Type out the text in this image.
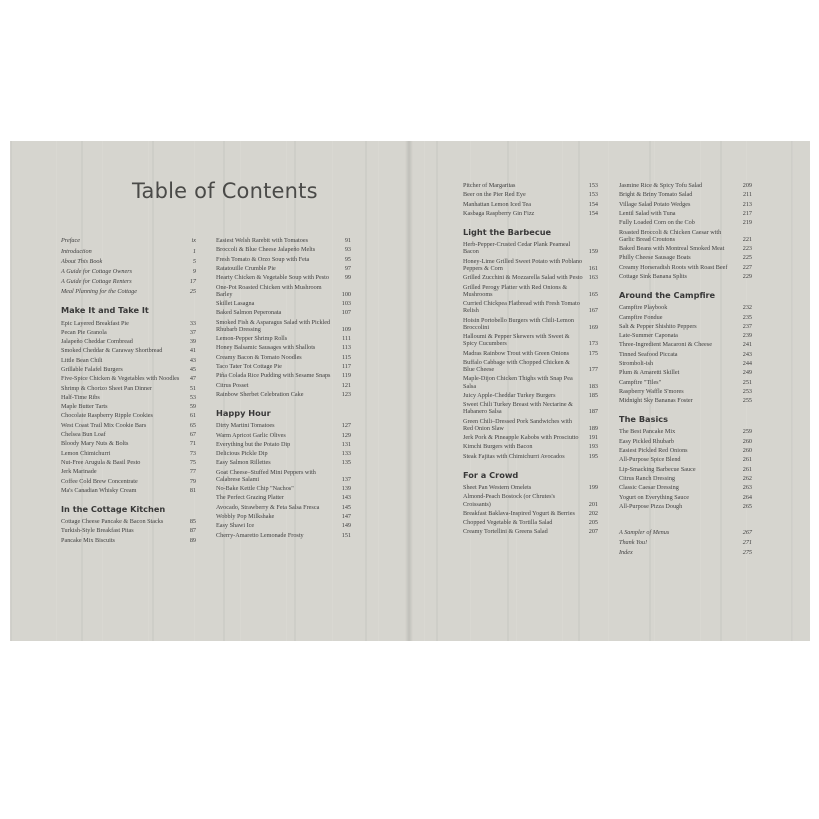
Table of Contents
Preface	ix
Introduction	1
About This Book	5
A Guide for Cottage Owners	9
A Guide for Cottage Renters	17
Meal Planning for the Cottage	25
Make It and Take It
Epic Layered Breakfast Pie	33
Pecan Pie Granola	37
Jalapeño Cheddar Cornbread	39
Smoked Cheddar & Caraway Shortbread	41
Little Bean Chili	43
Grillable Falafel Burgers	45
Five-Spice Chicken & Vegetables with Noodles	47
Shrimp & Chorizo Sheet Pan Dinner	51
Half-Time Ribs	53
Maple Butter Tarts	59
Chocolate Raspberry Ripple Cookies	61
West Coast Trail Mix Cookie Bars	65
Chelsea Bun Loaf	67
Bloody Mary Nuts & Bolts	71
Lemon Chimichurri	73
Nut-Free Arugula & Basil Pesto	75
Jerk Marinade	77
Coffee Cold Brew Concentrate	79
Ma's Canadian Whisky Cream	81
In the Cottage Kitchen
Cottage Cheese Pancake & Bacon Stacks	85
Turkish-Style Breakfast Pitas	87
Pancake Mix Biscuits	89
Easiest Welsh Rarebit with Tomatoes	91
Broccoli & Blue Cheese Jalapeño Melts	93
Fresh Tomato & Orzo Soup with Feta	95
Ratatouille Crumble Pie	97
Hearty Chicken & Vegetable Soup with Pesto	99
One-Pot Roasted Chicken with Mushroom Barley	100
Skillet Lasagna	103
Baked Salmon Peperonata	107
Smoked Fish & Asparagus Salad with Pickled Rhubarb Dressing	109
Lemon-Pepper Shrimp Rolls	111
Honey Balsamic Sausages with Shallots	113
Creamy Bacon & Tomato Noodles	115
Taco Tater Tot Cottage Pie	117
Piña Colada Rice Pudding with Sesame Snaps	119
Citrus Posset	121
Rainbow Sherbet Celebration Cake	123
Happy Hour
Dirty Martini Tomatoes	127
Warm Apricot Garlic Olives	129
Everything but the Potato Dip	131
Delicious Pickle Dip	133
Easy Salmon Rillettes	135
Goat Cheese–Stuffed Mini Peppers with Calabrese Salami	137
No-Bake Kettle Chip "Nachos"	139
The Perfect Grazing Platter	143
Avocado, Strawberry & Feta Salsa Fresca	145
Wobbly Pop Milkshake	147
Easy Shawi Ice	149
Cherry-Amaretto Lemonade Frosty	151
Pitcher of Margaritas	153
Beer on the Pier Red Eye	153
Manhattan Lemon Iced Tea	154
Kasbaga Raspberry Gin Fizz	154
Light the Barbecue
Herb-Pepper-Crusted Cedar Plank Peameal Bacon	159
Honey-Lime Grilled Sweet Potato with Poblano Peppers & Corn	161
Grilled Zucchini & Mozzarella Salad with Pesto 163
Grilled Perogy Platter with Red Onions & Mushrooms	165
Curried Chickpea Flatbread with Fresh Tomato Relish	167
Hoisin Portobello Burgers with Chili-Lemon Broccolini	169
Halloumi & Pepper Skewers with Sweet & Spicy Cucumbers	173
Madras Rainbow Trout with Green Onions	175
Buffalo Cabbage with Chopped Chicken & Blue Cheese	177
Maple-Dijon Chicken Thighs with Snap Pea Salsa	183
Juicy Apple-Cheddar Turkey Burgers	185
Sweet Chili Turkey Breast with Nectarine & Habanero Salsa	187
Green Chili–Dressed Pork Sandwiches with Red Onion Slaw	189
Jerk Pork & Pineapple Kabobs with Prosciutto	191
Kimchi Burgers with Bacon	193
Steak Fajitas with Chimichurri Avocados	195
For a Crowd
Sheet Pan Western Omelets	199
Almond-Peach Bostock (or Chrutes's Croissants)	201
Breakfast Baklava-Inspired Yogurt & Berries	202
Chopped Vegetable & Tortilla Salad	205
Creamy Tortellini & Greens Salad	207
Jasmine Rice & Spicy Tofu Salad	209
Bright & Briny Tomato Salad	211
Village Salad Potato Wedges	213
Lentil Salad with Tuna	217
Fully Loaded Corn on the Cob	219
Roasted Broccoli & Chicken Caesar with Garlic Bread Croutons	221
Baked Beans with Montreal Smoked Meat	223
Philly Cheese Sausage Boats	225
Creamy Horseradish Roots with Roast Beef	227
Cottage Sink Banana Splits	229
Around the Campfire
Campfire Playbook	232
Campfire Fondue	235
Salt & Pepper Shishito Peppers	237
Late-Summer Caponata	239
Three-Ingredient Macaroni & Cheese	241
Tinned Seafood Piccata	243
Stromboli-ish	244
Plum & Amaretti Skillet	249
Campfire "Tiles"	251
Raspberry Waffle S'mores	253
Midnight Sky Bananas Foster	255
The Basics
The Best Pancake Mix	259
Easy Pickled Rhubarb	260
Easiest Pickled Red Onions	260
All-Purpose Spice Blend	261
Lip-Smacking Barbecue Sauce	261
Citrus Ranch Dressing	262
Classic Caesar Dressing	263
Yogurt on Everything Sauce	264
All-Purpose Pizza Dough	265
A Sampler of Menus	267
Thank You!	271
Index	275
